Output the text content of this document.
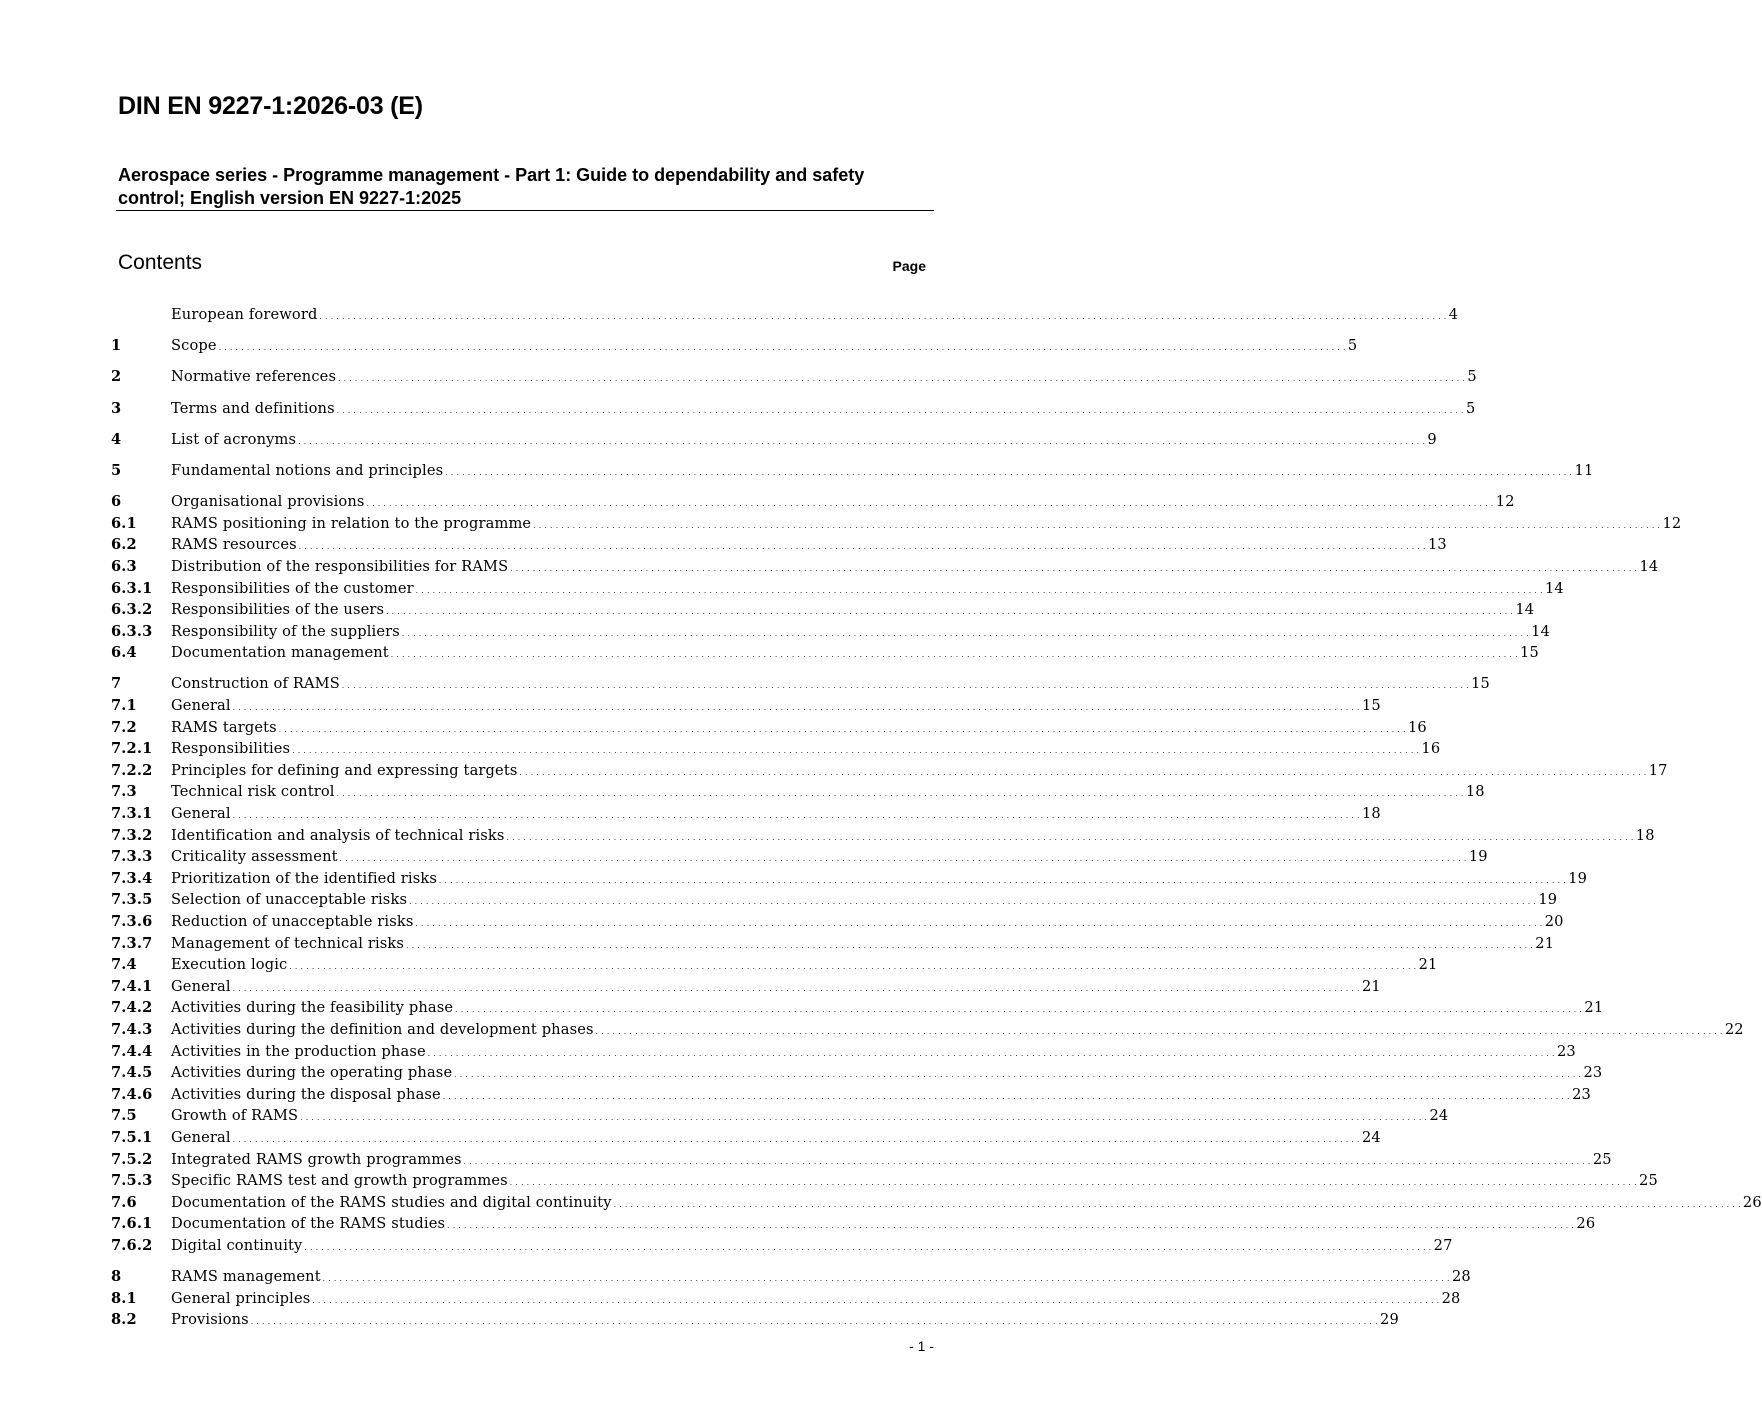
DIN EN 9227-1:2026-03 (E)
Aerospace series - Programme management - Part 1: Guide to dependability and safety control; English version EN 9227-1:2025
Contents	Page
European foreword . . . . . . . . . . . . . . . . . . . . . . . . . . . . . . . . . . . . . . . . . . . . . . . . . . . . . . . . . . . . . . . . . . . . . . . . . . . . . . . . . . . . . . . . . . . . . . . . . . . . . . . . . . . . . . . . . . . . . . . . . . . . . . . . . . . . . . . . . . . . . . . . . . . . . . . . . . . . . . . . . . . . . . . . . . . . . . . . . . . . . . . . . . . . . . . . . . . . . . . . 4
1	Scope . . . . . . . . . . . . . . . . . . . . . . . . . . . . . . . . . . . . . . . . . . . . . . . . . . . . . . . . . . . . . . . . . . . . . . . . . . . . . . . . . . . . . . . . . . . . . . . . . . . . . . . . . . . . . . . . . . . . . . . . . . . . . . . . . . . . . . . . . . . . . . . . . . . . . . . . . . . . . . . . . . . . . . . . . . . . . . . . . . . . . . . . . . . . . . . . . . . . . . . . 5
2	Normative references . . . . . . . . . . . . . . . . . . . . . . . . . . . . . . . . . . . . . . . . . . . . . . . . . . . . . . . . . . . . . . . . . . . . . . . . . . . . . . . . . . . . . . . . . . . . . . . . . . . . . . . . . . . . . . . . . . . . . . . . . . . . . . . . . . . . . . . . . . . . . . . . . . . . . . . . . . . . . . . . . . . . . . . . . . . . . . . . . . . . . . . . . . . . . . . . . . . . . . . . 5
3	Terms and definitions . . . . . . . . . . . . . . . . . . . . . . . . . . . . . . . . . . . . . . . . . . . . . . . . . . . . . . . . . . . . . . . . . . . . . . . . . . . . . . . . . . . . . . . . . . . . . . . . . . . . . . . . . . . . . . . . . . . . . . . . . . . . . . . . . . . . . . . . . . . . . . . . . . . . . . . . . . . . . . . . . . . . . . . . . . . . . . . . . . . . . . . . . . . . . . . . . . . . . . . . 5
4	List of acronyms . . . . . . . . . . . . . . . . . . . . . . . . . . . . . . . . . . . . . . . . . . . . . . . . . . . . . . . . . . . . . . . . . . . . . . . . . . . . . . . . . . . . . . . . . . . . . . . . . . . . . . . . . . . . . . . . . . . . . . . . . . . . . . . . . . . . . . . . . . . . . . . . . . . . . . . . . . . . . . . . . . . . . . . . . . . . . . . . . . . . . . . . . . . . . . . . . . . . . . . . 9
5	Fundamental notions and principles . . . . . . . . . . . . . . . . . . . . . . . . . . . . . . . . . . . . . . . . . . . . . . . . . . . . . . . . . . . . . . . . . . . . . . . . . . . . . . . . . . . . . . . . . . . . . . . . . . . . . . . . . . . . . . . . . . . . . . . . . . . . . . . . . . . . . . . . . . . . . . . . . . . . . . . . . . . . . . . . . . . . . . . . . . . . . . . . . . . . . . . . . . . . . . . . . . . . . . . . 11
6	Organisational provisions . . . . . . . . . . . . . . . . . . . . . . . . . . . . . . . . . . . . . . . . . . . . . . . . . . . . . . . . . . . . . . . . . . . . . . . . . . . . . . . . . . . . . . . . . . . . . . . . . . . . . . . . . . . . . . . . . . . . . . . . . . . . . . . . . . . . . . . . . . . . . . . . . . . . . . . . . . . . . . . . . . . . . . . . . . . . . . . . . . . . . . . . . . . . . . . . . . . . . . . . 12
6.1	RAMS positioning in relation to the programme . . . . . . . . . . . . . . . . . . . . . . . . . . . . . . . . . . . . . . . . . . . . . . . . . . . . . . . . . . . . . . . . . . . . . . . . . . . . . . . . . . . . . . . . . . . . . . . . . . . . . . . . . . . . . . . . . . . . . . . . . . . . . . . . . . . . . . . . . . . . . . . . . . . . . . . . . . . . . . . . . . . . . . . . . . . . . . . . . . . . . . . . . . . . . . . . . . . . . . . . 12
6.2	RAMS resources . . . . . . . . . . . . . . . . . . . . . . . . . . . . . . . . . . . . . . . . . . . . . . . . . . . . . . . . . . . . . . . . . . . . . . . . . . . . . . . . . . . . . . . . . . . . . . . . . . . . . . . . . . . . . . . . . . . . . . . . . . . . . . . . . . . . . . . . . . . . . . . . . . . . . . . . . . . . . . . . . . . . . . . . . . . . . . . . . . . . . . . . . . . . . . . . . . . . . . . . 13
6.3	Distribution of the responsibilities for RAMS . . . . . . . . . . . . . . . . . . . . . . . . . . . . . . . . . . . . . . . . . . . . . . . . . . . . . . . . . . . . . . . . . . . . . . . . . . . . . . . . . . . . . . . . . . . . . . . . . . . . . . . . . . . . . . . . . . . . . . . . . . . . . . . . . . . . . . . . . . . . . . . . . . . . . . . . . . . . . . . . . . . . . . . . . . . . . . . . . . . . . . . . . . . . . . . . . . . . . . . . 14
6.3.1	Responsibilities of the customer . . . . . . . . . . . . . . . . . . . . . . . . . . . . . . . . . . . . . . . . . . . . . . . . . . . . . . . . . . . . . . . . . . . . . . . . . . . . . . . . . . . . . . . . . . . . . . . . . . . . . . . . . . . . . . . . . . . . . . . . . . . . . . . . . . . . . . . . . . . . . . . . . . . . . . . . . . . . . . . . . . . . . . . . . . . . . . . . . . . . . . . . . . . . . . . . . . . . . . . . 14
6.3.2	Responsibilities of the users . . . . . . . . . . . . . . . . . . . . . . . . . . . . . . . . . . . . . . . . . . . . . . . . . . . . . . . . . . . . . . . . . . . . . . . . . . . . . . . . . . . . . . . . . . . . . . . . . . . . . . . . . . . . . . . . . . . . . . . . . . . . . . . . . . . . . . . . . . . . . . . . . . . . . . . . . . . . . . . . . . . . . . . . . . . . . . . . . . . . . . . . . . . . . . . . . . . . . . . . 14
6.3.3	Responsibility of the suppliers . . . . . . . . . . . . . . . . . . . . . . . . . . . . . . . . . . . . . . . . . . . . . . . . . . . . . . . . . . . . . . . . . . . . . . . . . . . . . . . . . . . . . . . . . . . . . . . . . . . . . . . . . . . . . . . . . . . . . . . . . . . . . . . . . . . . . . . . . . . . . . . . . . . . . . . . . . . . . . . . . . . . . . . . . . . . . . . . . . . . . . . . . . . . . . . . . . . . . . . . 14
6.4	Documentation management . . . . . . . . . . . . . . . . . . . . . . . . . . . . . . . . . . . . . . . . . . . . . . . . . . . . . . . . . . . . . . . . . . . . . . . . . . . . . . . . . . . . . . . . . . . . . . . . . . . . . . . . . . . . . . . . . . . . . . . . . . . . . . . . . . . . . . . . . . . . . . . . . . . . . . . . . . . . . . . . . . . . . . . . . . . . . . . . . . . . . . . . . . . . . . . . . . . . . . . . 15
7	Construction of RAMS . . . . . . . . . . . . . . . . . . . . . . . . . . . . . . . . . . . . . . . . . . . . . . . . . . . . . . . . . . . . . . . . . . . . . . . . . . . . . . . . . . . . . . . . . . . . . . . . . . . . . . . . . . . . . . . . . . . . . . . . . . . . . . . . . . . . . . . . . . . . . . . . . . . . . . . . . . . . . . . . . . . . . . . . . . . . . . . . . . . . . . . . . . . . . . . . . . . . . . . . 15
7.1	General . . . . . . . . . . . . . . . . . . . . . . . . . . . . . . . . . . . . . . . . . . . . . . . . . . . . . . . . . . . . . . . . . . . . . . . . . . . . . . . . . . . . . . . . . . . . . . . . . . . . . . . . . . . . . . . . . . . . . . . . . . . . . . . . . . . . . . . . . . . . . . . . . . . . . . . . . . . . . . . . . . . . . . . . . . . . . . . . . . . . . . . . . . . . . . . . . . . . . . . . 15
7.2	RAMS targets . . . . . . . . . . . . . . . . . . . . . . . . . . . . . . . . . . . . . . . . . . . . . . . . . . . . . . . . . . . . . . . . . . . . . . . . . . . . . . . . . . . . . . . . . . . . . . . . . . . . . . . . . . . . . . . . . . . . . . . . . . . . . . . . . . . . . . . . . . . . . . . . . . . . . . . . . . . . . . . . . . . . . . . . . . . . . . . . . . . . . . . . . . . . . . . . . . . . . . . . 16
7.2.1	Responsibilities . . . . . . . . . . . . . . . . . . . . . . . . . . . . . . . . . . . . . . . . . . . . . . . . . . . . . . . . . . . . . . . . . . . . . . . . . . . . . . . . . . . . . . . . . . . . . . . . . . . . . . . . . . . . . . . . . . . . . . . . . . . . . . . . . . . . . . . . . . . . . . . . . . . . . . . . . . . . . . . . . . . . . . . . . . . . . . . . . . . . . . . . . . . . . . . . . . . . . . . . 16
7.2.2	Principles for defining and expressing targets . . . . . . . . . . . . . . . . . . . . . . . . . . . . . . . . . . . . . . . . . . . . . . . . . . . . . . . . . . . . . . . . . . . . . . . . . . . . . . . . . . . . . . . . . . . . . . . . . . . . . . . . . . . . . . . . . . . . . . . . . . . . . . . . . . . . . . . . . . . . . . . . . . . . . . . . . . . . . . . . . . . . . . . . . . . . . . . . . . . . . . . . . . . . . . . . . . . . . . . . 17
7.3	Technical risk control . . . . . . . . . . . . . . . . . . . . . . . . . . . . . . . . . . . . . . . . . . . . . . . . . . . . . . . . . . . . . . . . . . . . . . . . . . . . . . . . . . . . . . . . . . . . . . . . . . . . . . . . . . . . . . . . . . . . . . . . . . . . . . . . . . . . . . . . . . . . . . . . . . . . . . . . . . . . . . . . . . . . . . . . . . . . . . . . . . . . . . . . . . . . . . . . . . . . . . . . 18
7.3.1	General . . . . . . . . . . . . . . . . . . . . . . . . . . . . . . . . . . . . . . . . . . . . . . . . . . . . . . . . . . . . . . . . . . . . . . . . . . . . . . . . . . . . . . . . . . . . . . . . . . . . . . . . . . . . . . . . . . . . . . . . . . . . . . . . . . . . . . . . . . . . . . . . . . . . . . . . . . . . . . . . . . . . . . . . . . . . . . . . . . . . . . . . . . . . . . . . . . . . . . . . 18
7.3.2	Identification and analysis of technical risks . . . . . . . . . . . . . . . . . . . . . . . . . . . . . . . . . . . . . . . . . . . . . . . . . . . . . . . . . . . . . . . . . . . . . . . . . . . . . . . . . . . . . . . . . . . . . . . . . . . . . . . . . . . . . . . . . . . . . . . . . . . . . . . . . . . . . . . . . . . . . . . . . . . . . . . . . . . . . . . . . . . . . . . . . . . . . . . . . . . . . . . . . . . . . . . . . . . . . . . . 18
7.3.3	Criticality assessment . . . . . . . . . . . . . . . . . . . . . . . . . . . . . . . . . . . . . . . . . . . . . . . . . . . . . . . . . . . . . . . . . . . . . . . . . . . . . . . . . . . . . . . . . . . . . . . . . . . . . . . . . . . . . . . . . . . . . . . . . . . . . . . . . . . . . . . . . . . . . . . . . . . . . . . . . . . . . . . . . . . . . . . . . . . . . . . . . . . . . . . . . . . . . . . . . . . . . . . . 19
7.3.4	Prioritization of the identified risks . . . . . . . . . . . . . . . . . . . . . . . . . . . . . . . . . . . . . . . . . . . . . . . . . . . . . . . . . . . . . . . . . . . . . . . . . . . . . . . . . . . . . . . . . . . . . . . . . . . . . . . . . . . . . . . . . . . . . . . . . . . . . . . . . . . . . . . . . . . . . . . . . . . . . . . . . . . . . . . . . . . . . . . . . . . . . . . . . . . . . . . . . . . . . . . . . . . . . . . . 19
7.3.5	Selection of unacceptable risks . . . . . . . . . . . . . . . . . . . . . . . . . . . . . . . . . . . . . . . . . . . . . . . . . . . . . . . . . . . . . . . . . . . . . . . . . . . . . . . . . . . . . . . . . . . . . . . . . . . . . . . . . . . . . . . . . . . . . . . . . . . . . . . . . . . . . . . . . . . . . . . . . . . . . . . . . . . . . . . . . . . . . . . . . . . . . . . . . . . . . . . . . . . . . . . . . . . . . . . . 19
7.3.6	Reduction of unacceptable risks . . . . . . . . . . . . . . . . . . . . . . . . . . . . . . . . . . . . . . . . . . . . . . . . . . . . . . . . . . . . . . . . . . . . . . . . . . . . . . . . . . . . . . . . . . . . . . . . . . . . . . . . . . . . . . . . . . . . . . . . . . . . . . . . . . . . . . . . . . . . . . . . . . . . . . . . . . . . . . . . . . . . . . . . . . . . . . . . . . . . . . . . . . . . . . . . . . . . . . . . 20
7.3.7	Management of technical risks . . . . . . . . . . . . . . . . . . . . . . . . . . . . . . . . . . . . . . . . . . . . . . . . . . . . . . . . . . . . . . . . . . . . . . . . . . . . . . . . . . . . . . . . . . . . . . . . . . . . . . . . . . . . . . . . . . . . . . . . . . . . . . . . . . . . . . . . . . . . . . . . . . . . . . . . . . . . . . . . . . . . . . . . . . . . . . . . . . . . . . . . . . . . . . . . . . . . . . . . 21
7.4	Execution logic . . . . . . . . . . . . . . . . . . . . . . . . . . . . . . . . . . . . . . . . . . . . . . . . . . . . . . . . . . . . . . . . . . . . . . . . . . . . . . . . . . . . . . . . . . . . . . . . . . . . . . . . . . . . . . . . . . . . . . . . . . . . . . . . . . . . . . . . . . . . . . . . . . . . . . . . . . . . . . . . . . . . . . . . . . . . . . . . . . . . . . . . . . . . . . . . . . . . . . . . 21
7.4.1	General . . . . . . . . . . . . . . . . . . . . . . . . . . . . . . . . . . . . . . . . . . . . . . . . . . . . . . . . . . . . . . . . . . . . . . . . . . . . . . . . . . . . . . . . . . . . . . . . . . . . . . . . . . . . . . . . . . . . . . . . . . . . . . . . . . . . . . . . . . . . . . . . . . . . . . . . . . . . . . . . . . . . . . . . . . . . . . . . . . . . . . . . . . . . . . . . . . . . . . . . 21
7.4.2	Activities during the feasibility phase . . . . . . . . . . . . . . . . . . . . . . . . . . . . . . . . . . . . . . . . . . . . . . . . . . . . . . . . . . . . . . . . . . . . . . . . . . . . . . . . . . . . . . . . . . . . . . . . . . . . . . . . . . . . . . . . . . . . . . . . . . . . . . . . . . . . . . . . . . . . . . . . . . . . . . . . . . . . . . . . . . . . . . . . . . . . . . . . . . . . . . . . . . . . . . . . . . . . . . . . 21
7.4.3	Activities during the definition and development phases . . . . . . . . . . . . . . . . . . . . . . . . . . . . . . . . . . . . . . . . . . . . . . . . . . . . . . . . . . . . . . . . . . . . . . . . . . . . . . . . . . . . . . . . . . . . . . . . . . . . . . . . . . . . . . . . . . . . . . . . . . . . . . . . . . . . . . . . . . . . . . . . . . . . . . . . . . . . . . . . . . . . . . . . . . . . . . . . . . . . . . . . . . . . . . . . . . . . . . . . 22
7.4.4	Activities in the production phase . . . . . . . . . . . . . . . . . . . . . . . . . . . . . . . . . . . . . . . . . . . . . . . . . . . . . . . . . . . . . . . . . . . . . . . . . . . . . . . . . . . . . . . . . . . . . . . . . . . . . . . . . . . . . . . . . . . . . . . . . . . . . . . . . . . . . . . . . . . . . . . . . . . . . . . . . . . . . . . . . . . . . . . . . . . . . . . . . . . . . . . . . . . . . . . . . . . . . . . . 23
7.4.5	Activities during the operating phase . . . . . . . . . . . . . . . . . . . . . . . . . . . . . . . . . . . . . . . . . . . . . . . . . . . . . . . . . . . . . . . . . . . . . . . . . . . . . . . . . . . . . . . . . . . . . . . . . . . . . . . . . . . . . . . . . . . . . . . . . . . . . . . . . . . . . . . . . . . . . . . . . . . . . . . . . . . . . . . . . . . . . . . . . . . . . . . . . . . . . . . . . . . . . . . . . . . . . . . . 23
7.4.6	Activities during the disposal phase . . . . . . . . . . . . . . . . . . . . . . . . . . . . . . . . . . . . . . . . . . . . . . . . . . . . . . . . . . . . . . . . . . . . . . . . . . . . . . . . . . . . . . . . . . . . . . . . . . . . . . . . . . . . . . . . . . . . . . . . . . . . . . . . . . . . . . . . . . . . . . . . . . . . . . . . . . . . . . . . . . . . . . . . . . . . . . . . . . . . . . . . . . . . . . . . . . . . . . . . 23
7.5	Growth of RAMS . . . . . . . . . . . . . . . . . . . . . . . . . . . . . . . . . . . . . . . . . . . . . . . . . . . . . . . . . . . . . . . . . . . . . . . . . . . . . . . . . . . . . . . . . . . . . . . . . . . . . . . . . . . . . . . . . . . . . . . . . . . . . . . . . . . . . . . . . . . . . . . . . . . . . . . . . . . . . . . . . . . . . . . . . . . . . . . . . . . . . . . . . . . . . . . . . . . . . . . . 24
7.5.1	General . . . . . . . . . . . . . . . . . . . . . . . . . . . . . . . . . . . . . . . . . . . . . . . . . . . . . . . . . . . . . . . . . . . . . . . . . . . . . . . . . . . . . . . . . . . . . . . . . . . . . . . . . . . . . . . . . . . . . . . . . . . . . . . . . . . . . . . . . . . . . . . . . . . . . . . . . . . . . . . . . . . . . . . . . . . . . . . . . . . . . . . . . . . . . . . . . . . . . . . . 24
7.5.2	Integrated RAMS growth programmes . . . . . . . . . . . . . . . . . . . . . . . . . . . . . . . . . . . . . . . . . . . . . . . . . . . . . . . . . . . . . . . . . . . . . . . . . . . . . . . . . . . . . . . . . . . . . . . . . . . . . . . . . . . . . . . . . . . . . . . . . . . . . . . . . . . . . . . . . . . . . . . . . . . . . . . . . . . . . . . . . . . . . . . . . . . . . . . . . . . . . . . . . . . . . . . . . . . . . . . . 25
7.5.3	Specific RAMS test and growth programmes . . . . . . . . . . . . . . . . . . . . . . . . . . . . . . . . . . . . . . . . . . . . . . . . . . . . . . . . . . . . . . . . . . . . . . . . . . . . . . . . . . . . . . . . . . . . . . . . . . . . . . . . . . . . . . . . . . . . . . . . . . . . . . . . . . . . . . . . . . . . . . . . . . . . . . . . . . . . . . . . . . . . . . . . . . . . . . . . . . . . . . . . . . . . . . . . . . . . . . . . 25
7.6	Documentation of the RAMS studies and digital continuity . . . . . . . . . . . . . . . . . . . . . . . . . . . . . . . . . . . . . . . . . . . . . . . . . . . . . . . . . . . . . . . . . . . . . . . . . . . . . . . . . . . . . . . . . . . . . . . . . . . . . . . . . . . . . . . . . . . . . . . . . . . . . . . . . . . . . . . . . . . . . . . . . . . . . . . . . . . . . . . . . . . . . . . . . . . . . . . . . . . . . . . . . . . . . . . . . . . . . . . . 26
7.6.1	Documentation of the RAMS studies . . . . . . . . . . . . . . . . . . . . . . . . . . . . . . . . . . . . . . . . . . . . . . . . . . . . . . . . . . . . . . . . . . . . . . . . . . . . . . . . . . . . . . . . . . . . . . . . . . . . . . . . . . . . . . . . . . . . . . . . . . . . . . . . . . . . . . . . . . . . . . . . . . . . . . . . . . . . . . . . . . . . . . . . . . . . . . . . . . . . . . . . . . . . . . . . . . . . . . . . 26
7.6.2	Digital continuity . . . . . . . . . . . . . . . . . . . . . . . . . . . . . . . . . . . . . . . . . . . . . . . . . . . . . . . . . . . . . . . . . . . . . . . . . . . . . . . . . . . . . . . . . . . . . . . . . . . . . . . . . . . . . . . . . . . . . . . . . . . . . . . . . . . . . . . . . . . . . . . . . . . . . . . . . . . . . . . . . . . . . . . . . . . . . . . . . . . . . . . . . . . . . . . . . . . . . . . . 27
8	RAMS management . . . . . . . . . . . . . . . . . . . . . . . . . . . . . . . . . . . . . . . . . . . . . . . . . . . . . . . . . . . . . . . . . . . . . . . . . . . . . . . . . . . . . . . . . . . . . . . . . . . . . . . . . . . . . . . . . . . . . . . . . . . . . . . . . . . . . . . . . . . . . . . . . . . . . . . . . . . . . . . . . . . . . . . . . . . . . . . . . . . . . . . . . . . . . . . . . . . . . . . . 28
8.1	General principles . . . . . . . . . . . . . . . . . . . . . . . . . . . . . . . . . . . . . . . . . . . . . . . . . . . . . . . . . . . . . . . . . . . . . . . . . . . . . . . . . . . . . . . . . . . . . . . . . . . . . . . . . . . . . . . . . . . . . . . . . . . . . . . . . . . . . . . . . . . . . . . . . . . . . . . . . . . . . . . . . . . . . . . . . . . . . . . . . . . . . . . . . . . . . . . . . . . . . . . . 28
8.2	Provisions . . . . . . . . . . . . . . . . . . . . . . . . . . . . . . . . . . . . . . . . . . . . . . . . . . . . . . . . . . . . . . . . . . . . . . . . . . . . . . . . . . . . . . . . . . . . . . . . . . . . . . . . . . . . . . . . . . . . . . . . . . . . . . . . . . . . . . . . . . . . . . . . . . . . . . . . . . . . . . . . . . . . . . . . . . . . . . . . . . . . . . . . . . . . . . . . . . . . . . . . 29
- 1 -
